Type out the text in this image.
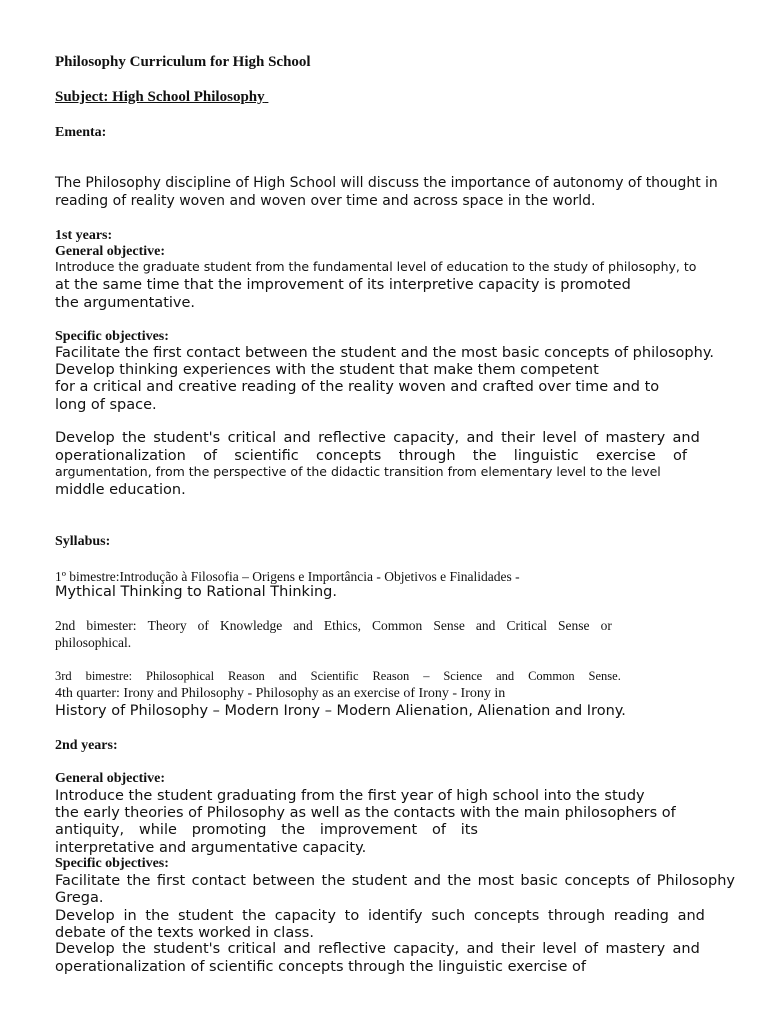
Philosophy Curriculum for High School
Subject: High School Philosophy
Ementa:
The Philosophy discipline of High School will discuss the importance of autonomy of thought in
reading of reality woven and woven over time and across space in the world.
1st years:
General objective:
Introduce the graduate student from the fundamental level of education to the study of philosophy, to
at the same time that the improvement of its interpretive capacity is promoted
the argumentative.
Specific objectives:
Facilitate the first contact between the student and the most basic concepts of philosophy.
Develop thinking experiences with the student that make them competent
for a critical and creative reading of the reality woven and crafted over time and to
long of space.
Develop the student's critical and reflective capacity, and their level of mastery and
operationalization of scientific concepts through the linguistic exercise of
argumentation, from the perspective of the didactic transition from elementary level to the level
middle education.
Syllabus:
1º bimestre:Introdução à Filosofia – Origens e Importância - Objetivos e Finalidades -
Mythical Thinking to Rational Thinking.
2nd bimester: Theory of Knowledge and Ethics, Common Sense and Critical Sense or
philosophical.
3rd bimestre: Philosophical Reason and Scientific Reason – Science and Common Sense.
4th quarter: Irony and Philosophy - Philosophy as an exercise of Irony - Irony in
History of Philosophy – Modern Irony – Modern Alienation, Alienation and Irony.
2nd years:
General objective:
Introduce the student graduating from the first year of high school into the study
the early theories of Philosophy as well as the contacts with the main philosophers of
antiquity, while promoting the improvement of its
interpretative and argumentative capacity.
Specific objectives:
Facilitate the first contact between the student and the most basic concepts of Philosophy
Grega.
Develop in the student the capacity to identify such concepts through reading and
debate of the texts worked in class.
Develop the student's critical and reflective capacity, and their level of mastery and
operationalization of scientific concepts through the linguistic exercise of
